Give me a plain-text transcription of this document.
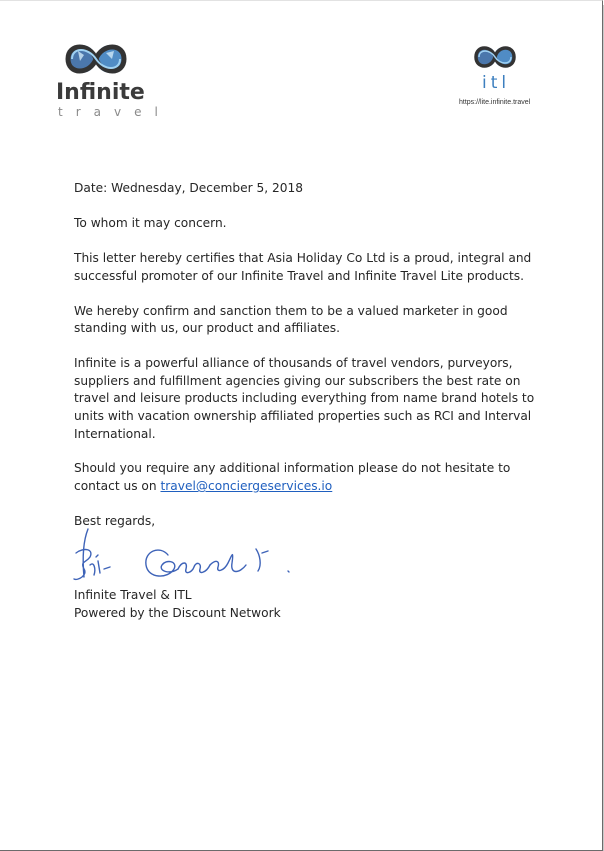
Infinite
travel
itl
https://lite.infinite.travel

Date: Wednesday, December 5, 2018

To whom it may concern.

This letter hereby certifies that Asia Holiday Co Ltd is a proud, integral and successful promoter of our Infinite Travel and Infinite Travel Lite products.

We hereby confirm and sanction them to be a valued marketer in good standing with us, our product and affiliates.

Infinite is a powerful alliance of thousands of travel vendors, purveyors, suppliers and fulfillment agencies giving our subscribers the best rate on travel and leisure products including everything from name brand hotels to units with vacation ownership affiliated properties such as RCI and Interval International.

Should you require any additional information please do not hesitate to contact us on travel@conciergeservices.io

Best regards,

Infinite Travel & ITL
Powered by the Discount Network
